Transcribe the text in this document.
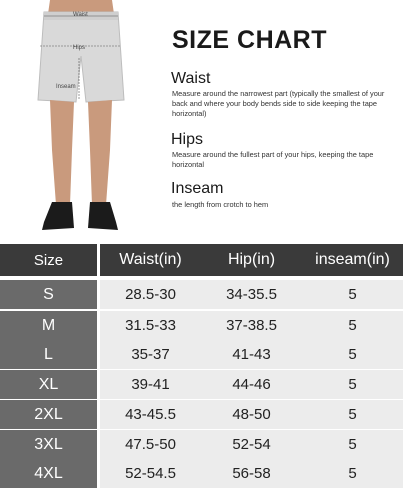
Waist
Hips
Inseam
SIZE CHART
Waist
Measure around the narrowest part (typically the smallest of your back and where your body bends side to side keeping the tape horizontal)
Hips
Measure around the fullest part of your hips, keeping the tape horizontal
Inseam
the length from crotch to hem
Size	Waist(in)	Hip(in)	inseam(in)
S	28.5-30	34-35.5	5
M	31.5-33	37-38.5	5
L	35-37	41-43	5
XL	39-41	44-46	5
2XL	43-45.5	48-50	5
3XL	47.5-50	52-54	5
4XL	52-54.5	56-58	5
